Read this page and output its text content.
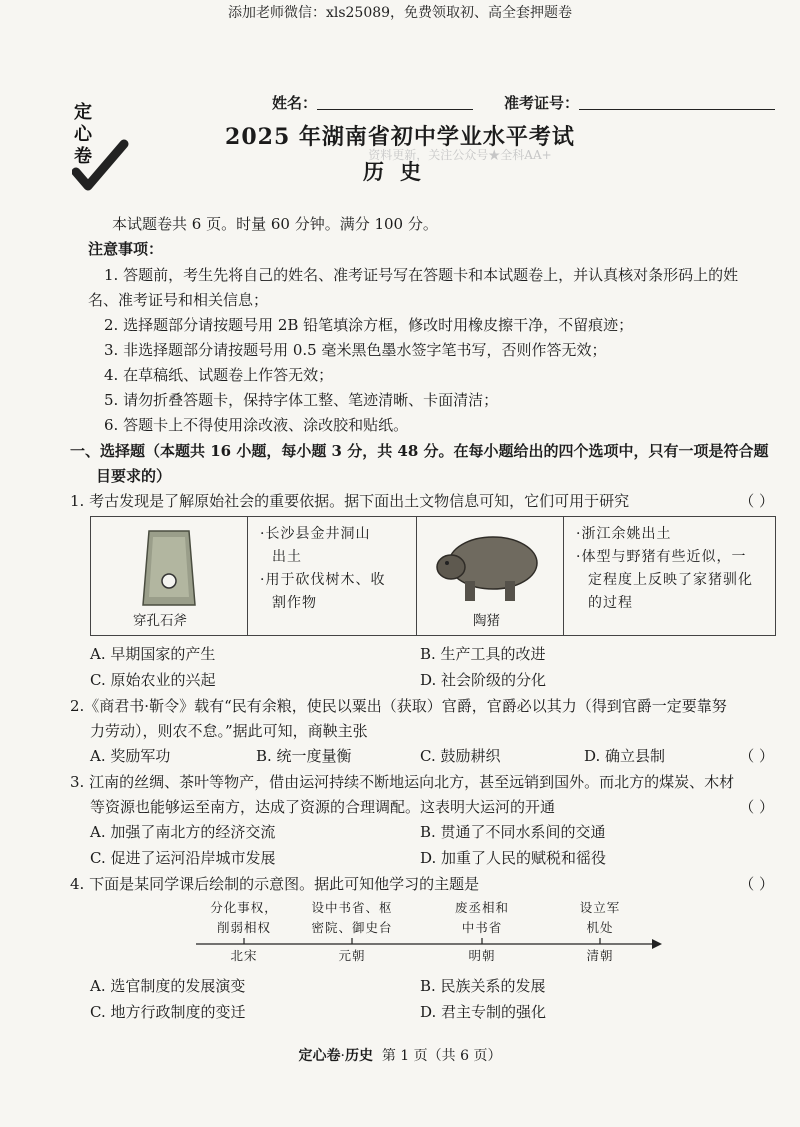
添加老师微信：xls25089，免费领取初、高全套押题卷
定
心
卷
姓名：	准考证号：
2025 年湖南省初中学业水平考试
资料更新，关注公众号★全科AA+
历史
本试题卷共 6 页。时量 60 分钟。满分 100 分。
注意事项：
1. 答题前，考生先将自己的姓名、准考证号写在答题卡和本试题卷上，并认真核对条形码上的姓
名、准考证号和相关信息；
2. 选择题部分请按题号用 2B 铅笔填涂方框，修改时用橡皮擦干净，不留痕迹；
3. 非选择题部分请按题号用 0.5 毫米黑色墨水签字笔书写，否则作答无效；
4. 在草稿纸、试题卷上作答无效；
5. 请勿折叠答题卡，保持字体工整、笔迹清晰、卡面清洁；
6. 答题卡上不得使用涂改液、涂改胶和贴纸。
一、选择题（本题共 16 小题，每小题 3 分，共 48 分。在每小题给出的四个选项中，只有一项是符合题
目要求的）
1. 考古发现是了解原始社会的重要依据。据下面出土文物信息可知，它们可用于研究	（ ）
穿孔石斧

·长沙县金井洞山
出土
·用于砍伐树木、收
割作物

陶猪

·浙江余姚出土
·体型与野猪有些近似，一
定程度上反映了家猪驯化
的过程
A. 早期国家的产生	B. 生产工具的改进
C. 原始农业的兴起	D. 社会阶级的分化
2.《商君书·靳令》载有“民有余粮，使民以粟出（获取）官爵，官爵必以其力（得到官爵一定要靠努
力劳动），则农不怠。”据此可知，商鞅主张
（ ）
A. 奖励军功	B. 统一度量衡	C. 鼓励耕织	D. 确立县制
3. 江南的丝绸、茶叶等物产，借由运河持续不断地运向北方，甚至远销到国外。而北方的煤炭、木材
等资源也能够运至南方，达成了资源的合理调配。这表明大运河的开通	（ ）
A. 加强了南北方的经济交流	B. 贯通了不同水系间的交通
C. 促进了运河沿岸城市发展	D. 加重了人民的赋税和徭役
4. 下面是某同学课后绘制的示意图。据此可知他学习的主题是	（ ）
分化事权，
削弱相权
北宋
设中书省、枢
密院、御史台
元朝
废丞相和
中书省
明朝
设立军
机处
清朝
A. 选官制度的发展演变	B. 民族关系的发展
C. 地方行政制度的变迁	D. 君主专制的强化
定心卷·历史 第 1 页（共 6 页）
